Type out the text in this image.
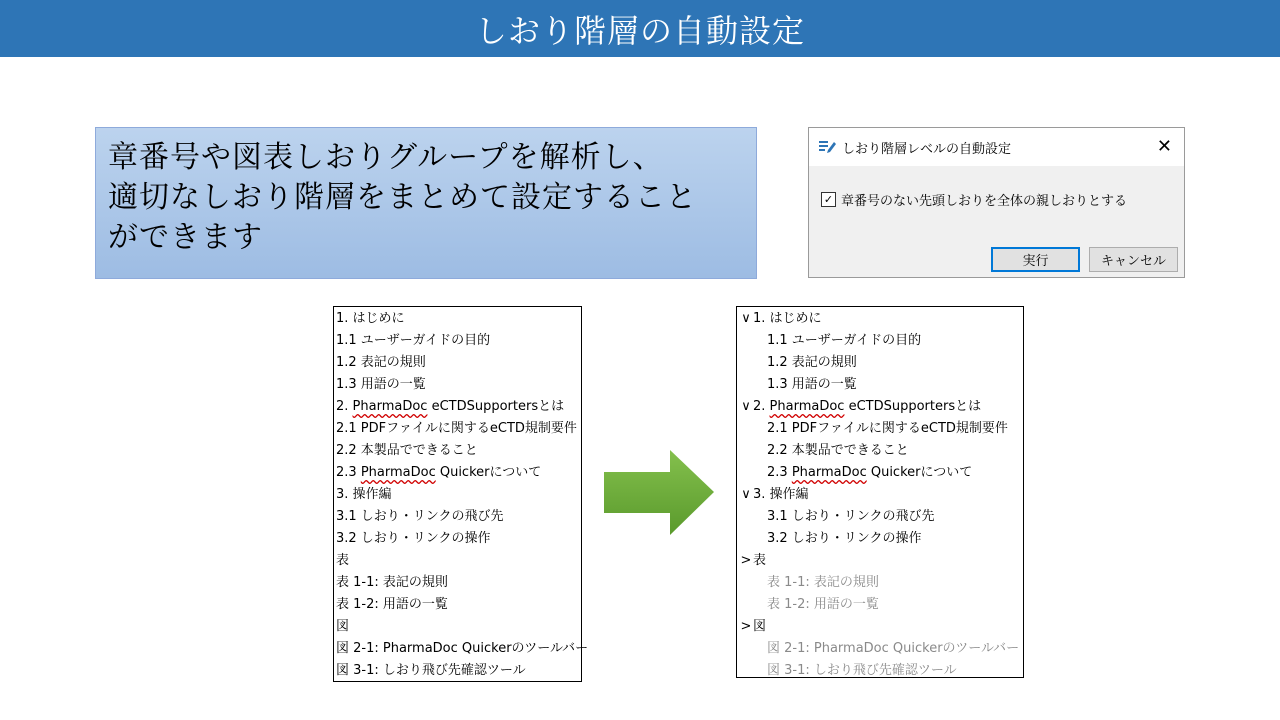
しおり階層の自動設定
章番号や図表しおりグループを解析し、
適切なしおり階層をまとめて設定すること
ができます
しおり階層レベルの自動設定	✕
✓ 章番号のない先頭しおりを全体の親しおりとする
実行	キャンセル
1. はじめに
1.1 ユーザーガイドの目的
1.2 表記の規則
1.3 用語の一覧
2. PharmaDoc eCTDSupportersとは
2.1 PDFファイルに関するeCTD規制要件
2.2 本製品でできること
2.3 PharmaDoc Quickerについて
3. 操作編
3.1 しおり・リンクの飛び先
3.2 しおり・リンクの操作
表
表 1-1: 表記の規則
表 1-2: 用語の一覧
図
図 2-1: PharmaDoc Quickerのツールバー
図 3-1: しおり飛び先確認ツール
∨ 1. はじめに
1.1 ユーザーガイドの目的
1.2 表記の規則
1.3 用語の一覧
∨ 2. PharmaDoc eCTDSupportersとは
2.1 PDFファイルに関するeCTD規制要件
2.2 本製品でできること
2.3 PharmaDoc Quickerについて
∨ 3. 操作編
3.1 しおり・リンクの飛び先
3.2 しおり・リンクの操作
> 表
表 1-1: 表記の規則
表 1-2: 用語の一覧
> 図
図 2-1: PharmaDoc Quickerのツールバー
図 3-1: しおり飛び先確認ツール
